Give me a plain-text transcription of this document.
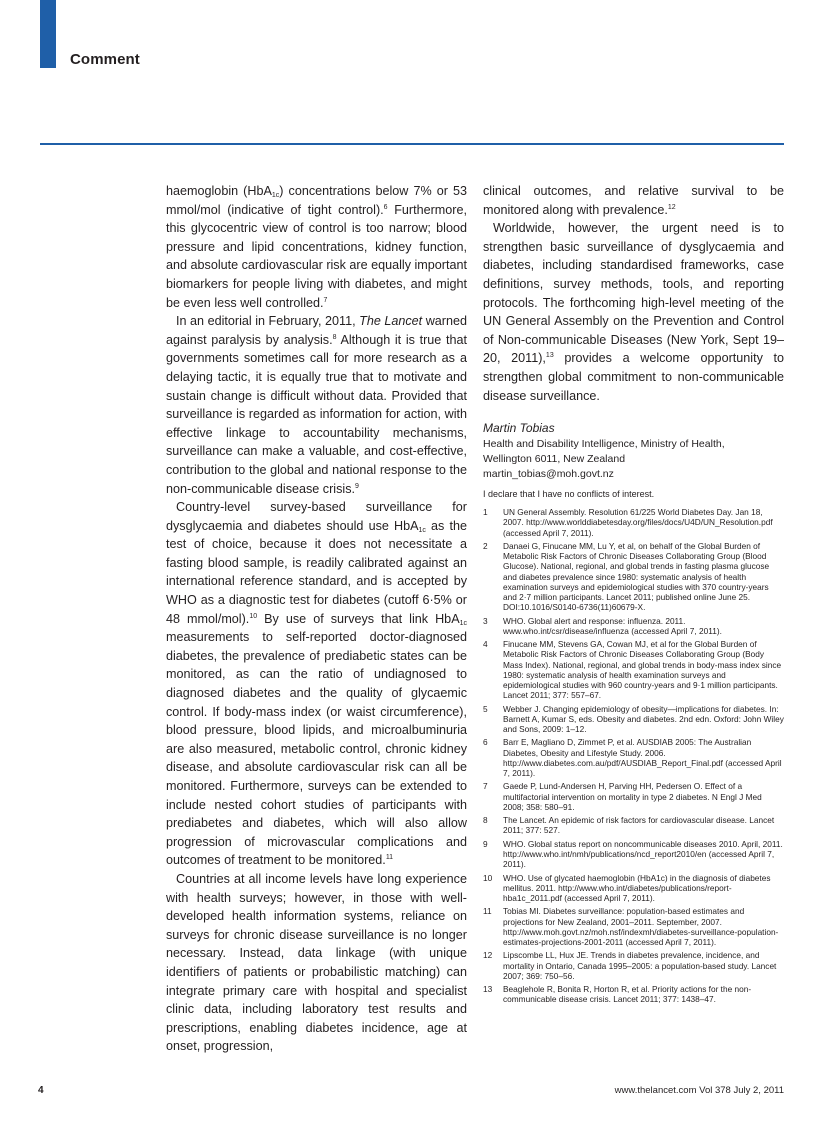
Comment

haemoglobin (HbA$_{1c}$) concentrations below 7% or 53 mmol/mol (indicative of tight control).$^6$ Furthermore, this glycocentric view of control is too narrow; blood pressure and lipid concentrations, kidney function, and absolute cardiovascular risk are equally important biomarkers for people living with diabetes, and might be even less well controlled.$^7$

In an editorial in February, 2011, The Lancet warned against paralysis by analysis.$^8$ Although it is true that governments sometimes call for more research as a delaying tactic, it is equally true that to motivate and sustain change is difficult without data. Provided that surveillance is regarded as information for action, with effective linkage to accountability mechanisms, surveillance can make a valuable, and cost-effective, contribution to the global and national response to the non-communicable disease crisis.$^9$

Country-level survey-based surveillance for dysglycaemia and diabetes should use HbA$_{1c}$ as the test of choice, because it does not necessitate a fasting blood sample, is readily calibrated against an international reference standard, and is accepted by WHO as a diagnostic test for diabetes (cutoff 6·5% or 48 mmol/mol).$^{10}$ By use of surveys that link HbA$_{1c}$ measurements to self-reported doctor-diagnosed diabetes, the prevalence of prediabetic states can be monitored, as can the ratio of undiagnosed to diagnosed diabetes and the quality of glycaemic control. If body-mass index (or waist circumference), blood pressure, blood lipids, and microalbuminuria are also measured, metabolic control, chronic kidney disease, and absolute cardiovascular risk can all be monitored. Furthermore, surveys can be extended to include nested cohort studies of participants with prediabetes and diabetes, which will also allow progression of microvascular complications and outcomes of treatment to be monitored.$^{11}$

Countries at all income levels have long experience with health surveys; however, in those with well-developed health information systems, reliance on surveys for chronic disease surveillance is no longer necessary. Instead, data linkage (with unique identifiers of patients or probabilistic matching) can integrate primary care with hospital and specialist clinic data, including laboratory test results and prescriptions, enabling diabetes incidence, age at onset, progression,

clinical outcomes, and relative survival to be monitored along with prevalence.$^{12}$

Worldwide, however, the urgent need is to strengthen basic surveillance of dysglycaemia and diabetes, including standardised frameworks, case definitions, survey methods, tools, and reporting protocols. The forthcoming high-level meeting of the UN General Assembly on the Prevention and Control of Non-communicable Diseases (New York, Sept 19–20, 2011),$^{13}$ provides a welcome opportunity to strengthen global commitment to non-communicable disease surveillance.

Martin Tobias
Health and Disability Intelligence, Ministry of Health,
Wellington 6011, New Zealand
martin_tobias@moh.govt.nz
I declare that I have no conflicts of interest.
1 UN General Assembly. Resolution 61/225 World Diabetes Day. Jan 18, 2007. http://www.worlddiabetesday.org/files/docs/U4D/UN_Resolution.pdf (accessed April 7, 2011).
2 Danaei G, Finucane MM, Lu Y, et al, on behalf of the Global Burden of Metabolic Risk Factors of Chronic Diseases Collaborating Group (Blood Glucose). National, regional, and global trends in fasting plasma glucose and diabetes prevalence since 1980: systematic analysis of health examination surveys and epidemiological studies with 370 country-years and 2·7 million participants. Lancet 2011; published online June 25. DOI:10.1016/S0140-6736(11)60679-X.
3 WHO. Global alert and response: influenza. 2011. www.who.int/csr/disease/influenza (accessed April 7, 2011).
4 Finucane MM, Stevens GA, Cowan MJ, et al for the Global Burden of Metabolic Risk Factors of Chronic Diseases Collaborating Group (Body Mass Index). National, regional, and global trends in body-mass index since 1980: systematic analysis of health examination surveys and epidemiological studies with 960 country-years and 9·1 million participants. Lancet 2011; 377: 557–67.
5 Webber J. Changing epidemiology of obesity—implications for diabetes. In: Barnett A, Kumar S, eds. Obesity and diabetes. 2nd edn. Oxford: John Wiley and Sons, 2009: 1–12.
6 Barr E, Magliano D, Zimmet P, et al. AUSDIAB 2005: The Australian Diabetes, Obesity and Lifestyle Study. 2006. http://www.diabetes.com.au/pdf/AUSDIAB_Report_Final.pdf (accessed April 7, 2011).
7 Gaede P, Lund-Andersen H, Parving HH, Pedersen O. Effect of a multifactorial intervention on mortality in type 2 diabetes. N Engl J Med 2008; 358: 580–91.
8 The Lancet. An epidemic of risk factors for cardiovascular disease. Lancet 2011; 377: 527.
9 WHO. Global status report on noncommunicable diseases 2010. April, 2011. http://www.who.int/nmh/publications/ncd_report2010/en (accessed April 7, 2011).
10 WHO. Use of glycated haemoglobin (HbA1c) in the diagnosis of diabetes mellitus. 2011. http://www.who.int/diabetes/publications/report-hba1c_2011.pdf (accessed April 7, 2011).
11 Tobias MI. Diabetes surveillance: population-based estimates and projections for New Zealand, 2001–2011. September, 2007. http://www.moh.govt.nz/moh.nsf/indexmh/diabetes-surveillance-population-estimates-projections-2001-2011 (accessed April 7, 2011).
12 Lipscombe LL, Hux JE. Trends in diabetes prevalence, incidence, and mortality in Ontario, Canada 1995–2005: a population-based study. Lancet 2007; 369: 750–56.
13 Beaglehole R, Bonita R, Horton R, et al. Priority actions for the non-communicable disease crisis. Lancet 2011; 377: 1438–47.
4	www.thelancet.com Vol 378 July 2, 2011
